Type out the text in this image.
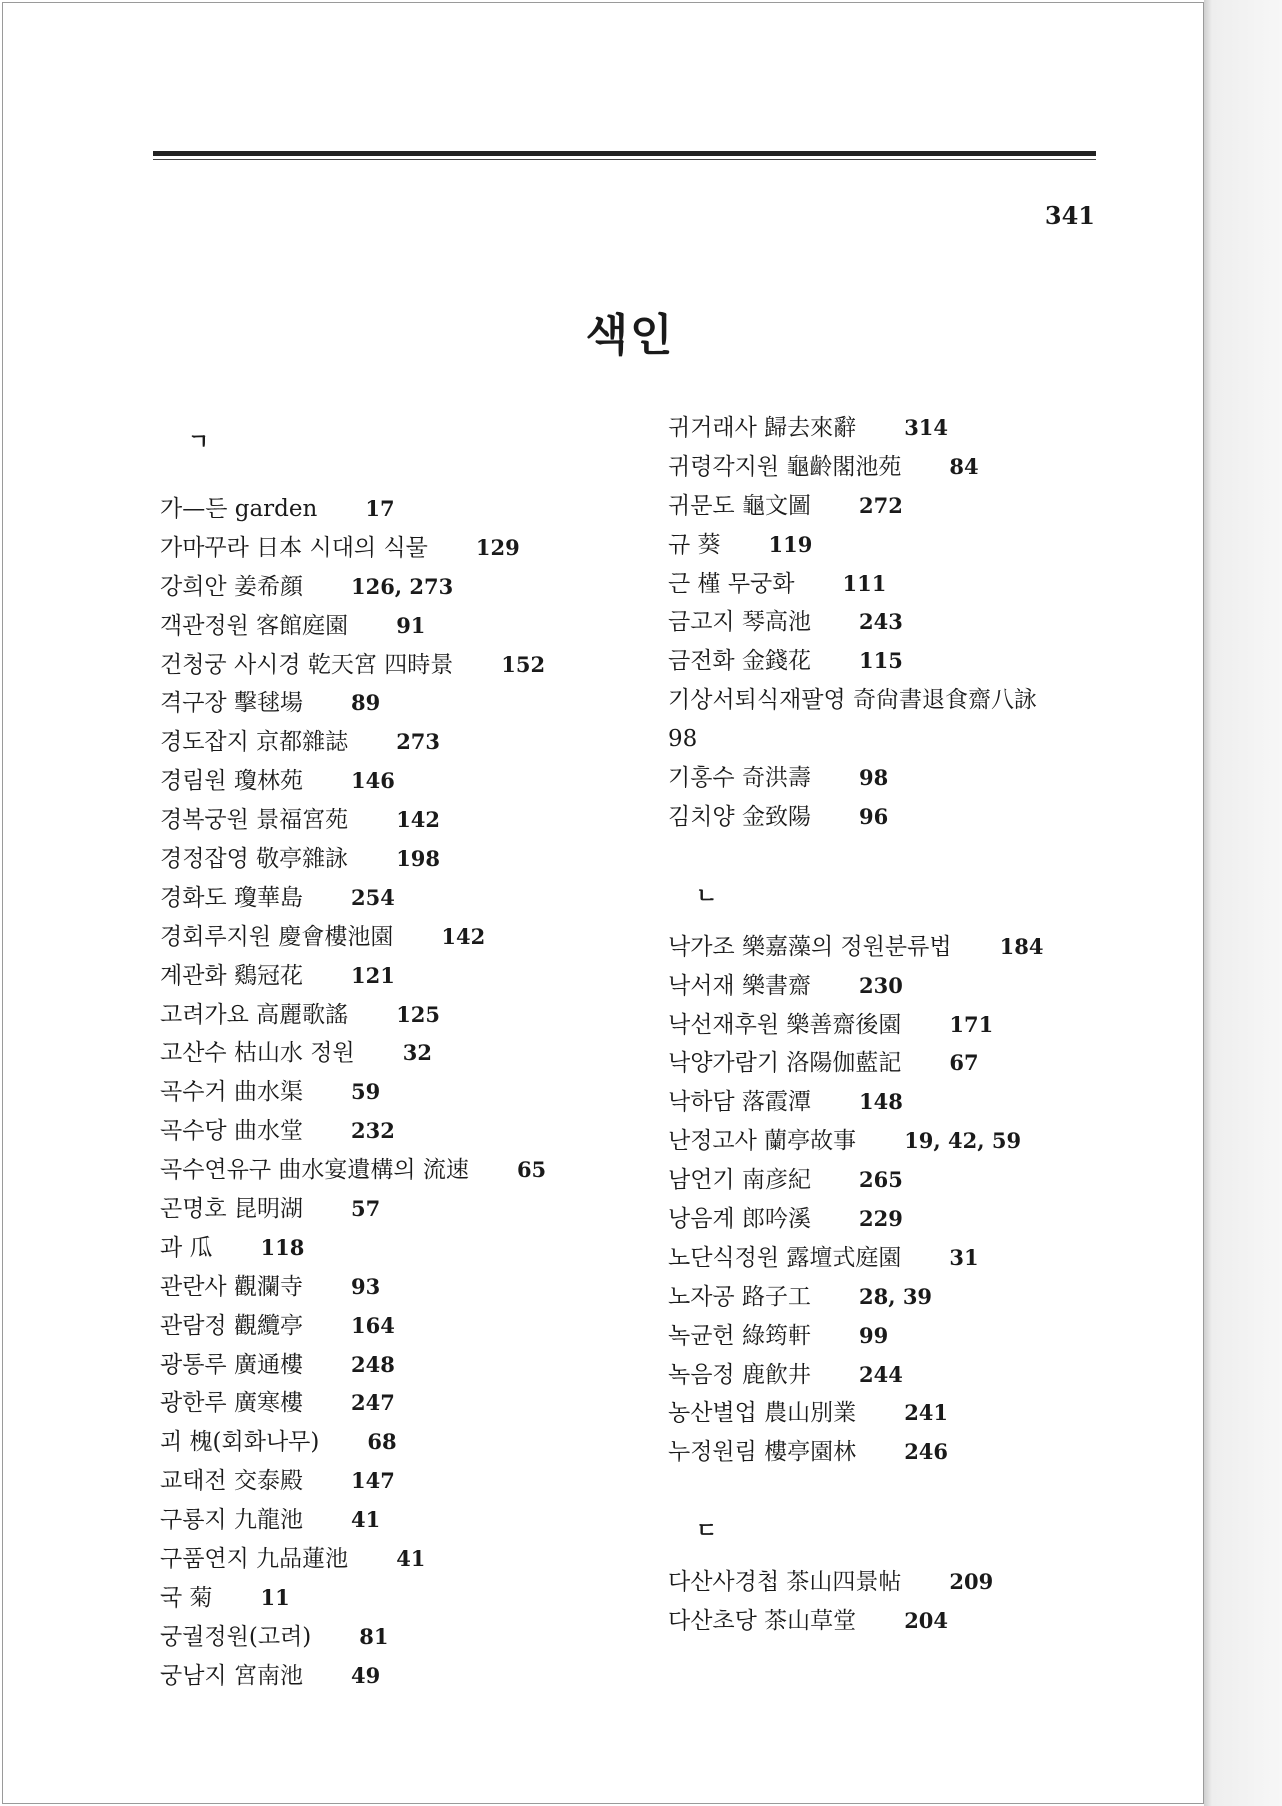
341
색인
ㄱ
가—든 garden 17
가마꾸라 日本 시대의 식물 129
강희안 姜希顔 126, 273
객관정원 客館庭園 91
건청궁 사시경 乾天宮 四時景 152
격구장 擊毬場 89
경도잡지 京都雜誌 273
경림원 瓊林苑 146
경복궁원 景福宮苑 142
경정잡영 敬亭雜詠 198
경화도 瓊華島 254
경회루지원 慶會樓池園 142
계관화 鷄冠花 121
고려가요 高麗歌謠 125
고산수 枯山水 정원 32
곡수거 曲水渠 59
곡수당 曲水堂 232
곡수연유구 曲水宴遺構의 流速 65
곤명호 昆明湖 57
과 瓜 118
관란사 觀瀾寺 93
관람정 觀纜亭 164
광통루 廣通樓 248
광한루 廣寒樓 247
괴 槐(회화나무) 68
교태전 交泰殿 147
구룡지 九龍池 41
구품연지 九品蓮池 41
국 菊 11
궁궐정원(고려) 81
궁남지 宮南池 49
귀거래사 歸去來辭 314
귀령각지원 龜齡閣池苑 84
귀문도 龜文圖 272
규 葵 119
근 槿 무궁화 111
금고지 琴高池 243
금전화 金錢花 115
기상서퇴식재팔영 奇尙書退食齋八詠
98
기홍수 奇洪壽 98
김치양 金致陽 96
ㄴ
낙가조 樂嘉藻의 정원분류법 184
낙서재 樂書齋 230
낙선재후원 樂善齋後園 171
낙양가람기 洛陽伽藍記 67
낙하담 落霞潭 148
난정고사 蘭亭故事 19, 42, 59
남언기 南彦紀 265
낭음계 郎吟溪 229
노단식정원 露壇式庭園 31
노자공 路子工 28, 39
녹균헌 綠筠軒 99
녹음정 鹿飮井 244
농산별업 農山別業 241
누정원림 樓亭園林 246
ㄷ
다산사경첩 茶山四景帖 209
다산초당 茶山草堂 204
